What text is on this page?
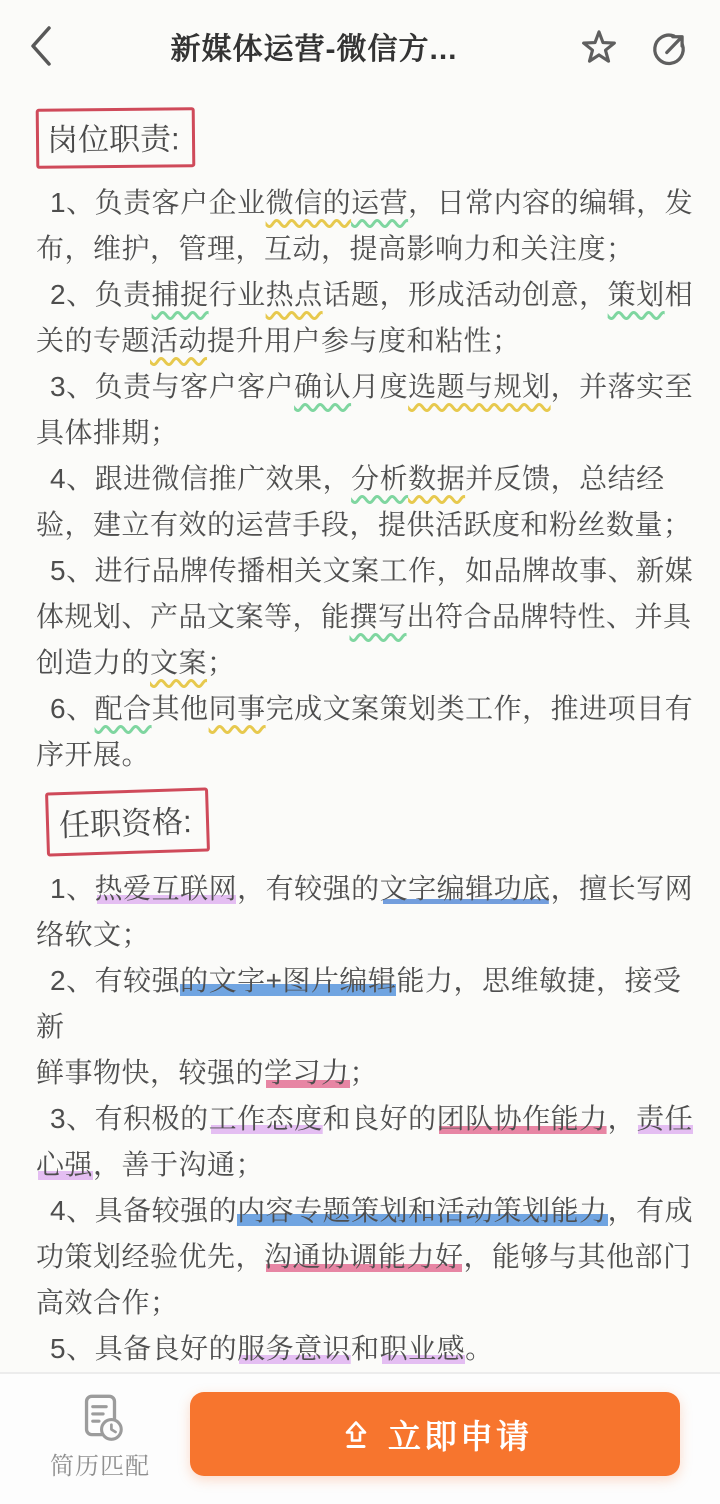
新媒体运营-微信方...
岗位职责:

1、负责客户企业微信的运营，日常内容的编辑，发
布，维护，管理，互动，提高影响力和关注度；

2、负责捕捉行业热点话题，形成活动创意，策划相
关的专题活动提升用户参与度和粘性；

3、负责与客户客户确认月度选题与规划，并落实至
具体排期；

4、跟进微信推广效果，分析数据并反馈，总结经
验，建立有效的运营手段，提供活跃度和粉丝数量；

5、进行品牌传播相关文案工作，如品牌故事、新媒
体规划、产品文案等，能撰写出符合品牌特性、并具
创造力的文案；

6、配合其他同事完成文案策划类工作，推进项目有
序开展。

任职资格:

1、热爱互联网，有较强的文字编辑功底，擅长写网
络软文；

2、有较强的文字+图片编辑能力，思维敏捷，接受新
鲜事物快，较强的学习力；

3、有积极的工作态度和良好的团队协作能力，责任
心强，善于沟通；

4、具备较强的内容专题策划和活动策划能力，有成
功策划经验优先，沟通协调能力好，能够与其他部门
高效合作；

5、具备良好的服务意识和职业感。

简历匹配
立即申请
